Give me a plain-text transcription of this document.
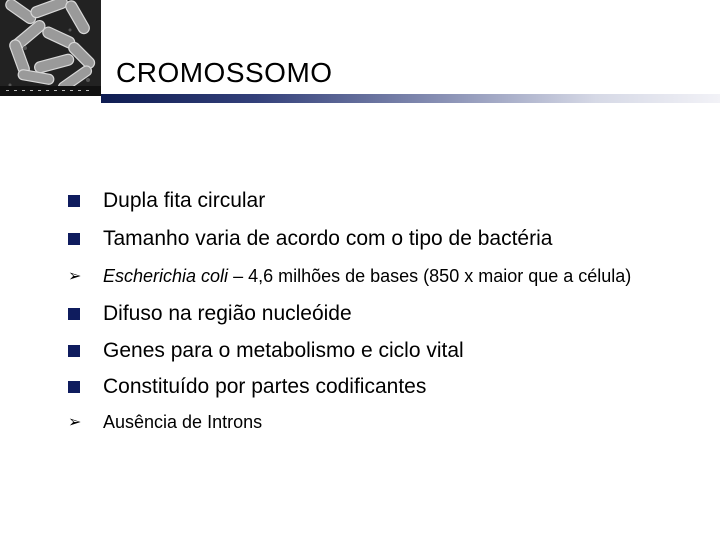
CROMOSSOMO
Dupla fita circular
Tamanho varia de acordo com o tipo de bactéria
➢ Escherichia coli – 4,6 milhões de bases (850 x maior que a célula)
Difuso na região nucleóide
Genes para o metabolismo e ciclo vital
Constituído por partes codificantes
➢ Ausência de Introns
